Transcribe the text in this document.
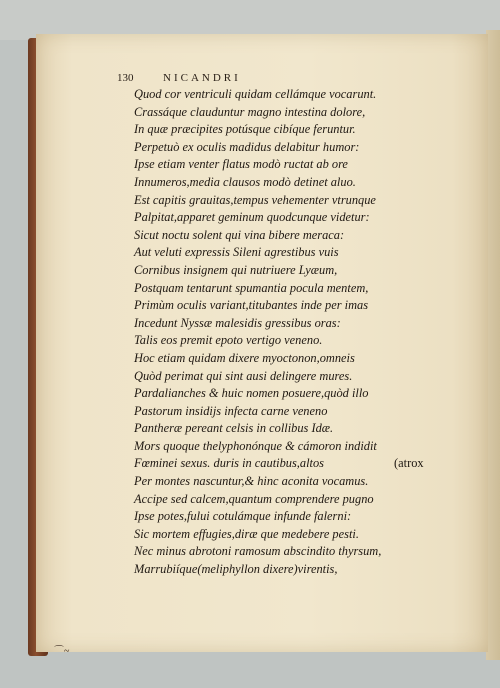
130	NICANDRI
Quod cor ventriculi quidam cellámque vocarunt.
Crassáque clauduntur magno intestina dolore,
In quæ præcipites potúsque cibíque feruntur.
Perpetuò ex oculis madidus delabitur humor:
Ipse etiam venter flatus modò ructat ab ore
Innumeros,media clausos modò detinet aluo.
Est capitis grauitas,tempus vehementer vtrunque
Palpitat,apparet geminum quodcunque videtur:
Sicut noctu solent qui vina bibere meraca:
Aut veluti expressis Sileni agrestibus vuis
Cornibus insignem qui nutriuere Lyæum,
Postquam tentarunt spumantia pocula mentem,
Primùm oculis variant,titubantes inde per imas
Incedunt Nyssæ malesidis gressibus oras:
Talis eos premit epoto vertigo veneno.
Hoc etiam quidam dixere myoctonon,omneis
Quòd perimat qui sint ausi delingere mures.
Pardalianches & huic nomen posuere,quòd illo
Pastorum insidijs infecta carne veneno
Pantheræ pereant celsis in collibus Idæ.
Mors quoque thelyphonónque & cámoron indidit
Fœminei sexus. duris in cautibus,altos	(atrox
Per montes nascuntur,& hinc aconita vocamus.
Accipe sed calcem,quantum comprendere pugno
Ipse potes,fului cotulámque infunde falerni:
Sic mortem effugies,diræ que medebere pesti.
Nec minus abrotoni ramosum abscindito thyrsum,
Marrubiíque(meliphyllon dixere)virentis,
⌒~
